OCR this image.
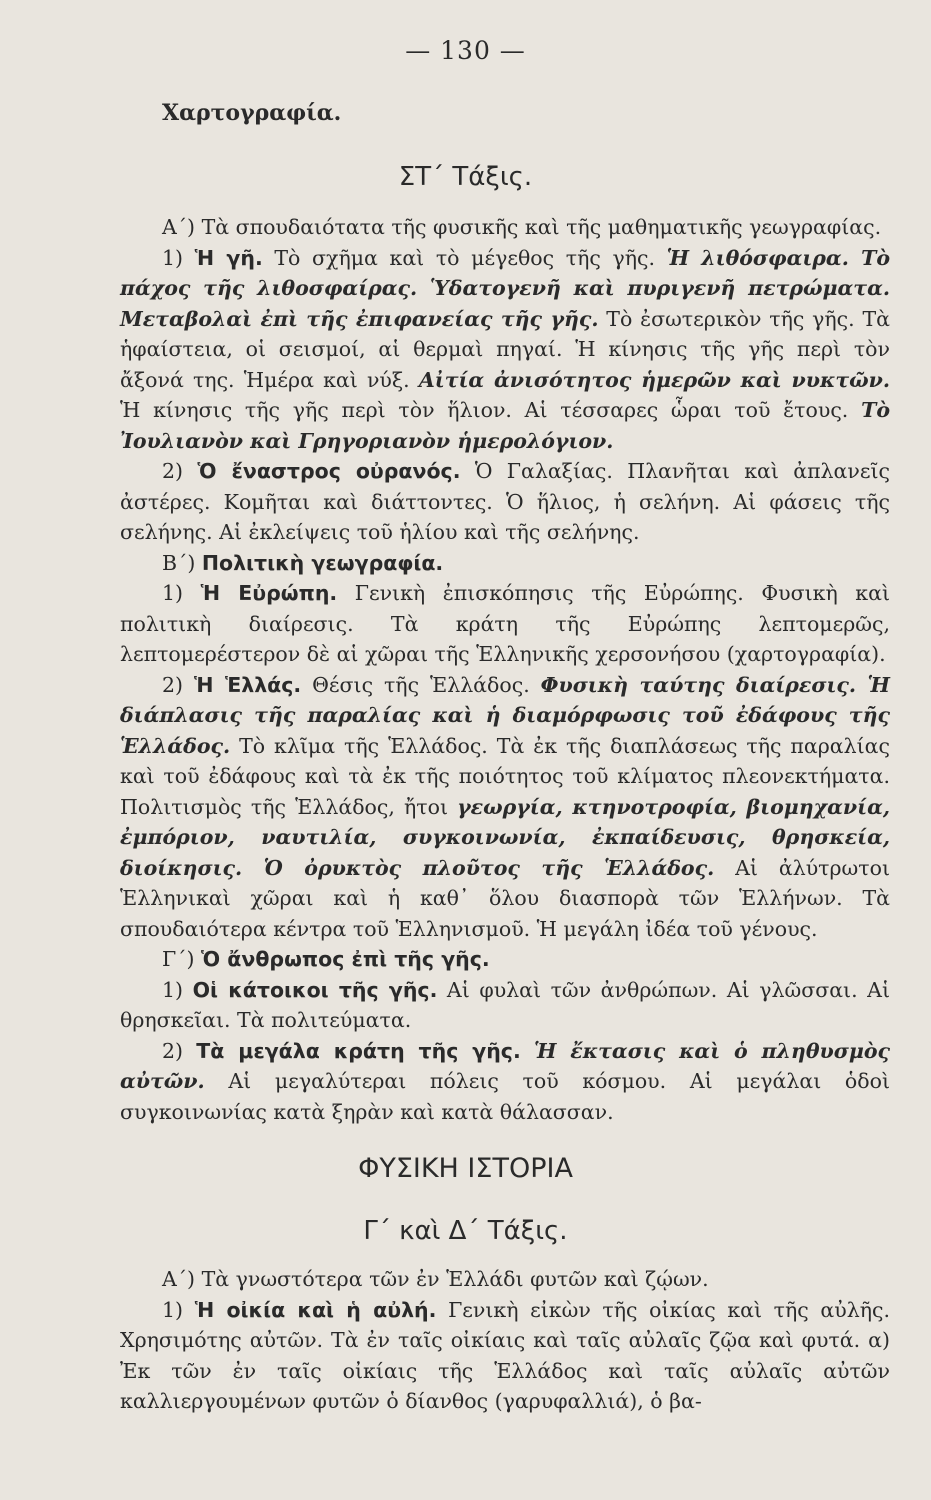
— 130 —
Χαρτογραφία.
ΣΤ΄ Τάξις.

Α΄) Τὰ σπουδαιότατα τῆς φυσικῆς καὶ τῆς μαθηματικῆς γεωγραφίας.

1) Ἡ γῆ. Τὸ σχῆμα καὶ τὸ μέγεθος τῆς γῆς. Ἡ λιθόσφαιρα. Τὸ πάχος τῆς λιθοσφαίρας. Ὑδατογενῆ καὶ πυριγενῆ πετρώματα. Μεταβολαὶ ἐπὶ τῆς ἐπιφανείας τῆς γῆς. Τὸ ἐσωτερικὸν τῆς γῆς. Τὰ ἡφαίστεια, οἱ σεισμοί, αἱ θερμαὶ πηγαί. Ἡ κίνησις τῆς γῆς περὶ τὸν ἄξονά της. Ἡμέρα καὶ νύξ. Αἰτία ἀνισότητος ἡμερῶν καὶ νυκτῶν. Ἡ κίνησις τῆς γῆς περὶ τὸν ἥλιον. Αἱ τέσσαρες ὧραι τοῦ ἔτους. Τὸ Ἰουλιανὸν καὶ Γρηγοριανὸν ἡμερολόγιον.

2) Ὁ ἔναστρος οὐρανός. Ὁ Γαλαξίας. Πλανῆται καὶ ἀπλανεῖς ἀστέρες. Κομῆται καὶ διάττοντες. Ὁ ἥλιος, ἡ σελήνη. Αἱ φάσεις τῆς σελήνης. Αἱ ἐκλείψεις τοῦ ἡλίου καὶ τῆς σελήνης.

Β΄) Πολιτικὴ γεωγραφία.

1) Ἡ Εὐρώπη. Γενικὴ ἐπισκόπησις τῆς Εὐρώπης. Φυσικὴ καὶ πολιτικὴ διαίρεσις. Τὰ κράτη τῆς Εὐρώπης λεπτομερῶς, λεπτομερέστερον δὲ αἱ χῶραι τῆς Ἑλληνικῆς χερσονήσου (χαρτογραφία).

2) Ἡ Ἑλλάς. Θέσις τῆς Ἑλλάδος. Φυσικὴ ταύτης διαίρεσις. Ἡ διάπλασις τῆς παραλίας καὶ ἡ διαμόρφωσις τοῦ ἐδάφους τῆς Ἑλλάδος. Τὸ κλῖμα τῆς Ἑλλάδος. Τὰ ἐκ τῆς διαπλάσεως τῆς παραλίας καὶ τοῦ ἐδάφους καὶ τὰ ἐκ τῆς ποιότητος τοῦ κλίματος πλεονεκτήματα. Πολιτισμὸς τῆς Ἑλλάδος, ἤτοι γεωργία, κτηνοτροφία, βιομηχανία, ἐμπόριον, ναυτιλία, συγκοινωνία, ἐκπαίδευσις, θρησκεία, διοίκησις. Ὁ ὀρυκτὸς πλοῦτος τῆς Ἑλλάδος. Αἱ ἀλύτρωτοι Ἑλληνικαὶ χῶραι καὶ ἡ καθ᾿ ὅλου διασπορὰ τῶν Ἑλλήνων. Τὰ σπουδαιότερα κέντρα τοῦ Ἑλληνισμοῦ. Ἡ μεγάλη ἰδέα τοῦ γένους.

Γ΄) Ὁ ἄνθρωπος ἐπὶ τῆς γῆς.

1) Οἱ κάτοικοι τῆς γῆς. Αἱ φυλαὶ τῶν ἀνθρώπων. Αἱ γλῶσσαι. Αἱ θρησκεῖαι. Τὰ πολιτεύματα.

2) Τὰ μεγάλα κράτη τῆς γῆς. Ἡ ἔκτασις καὶ ὁ πληθυσμὸς αὐτῶν. Αἱ μεγαλύτεραι πόλεις τοῦ κόσμου. Αἱ μεγάλαι ὁδοὶ συγκοινωνίας κατὰ ξηρὰν καὶ κατὰ θάλασσαν.

ΦΥΣΙΚΗ ΙΣΤΟΡΙΑ
Γ΄ καὶ Δ΄ Τάξις.

Α΄) Τὰ γνωστότερα τῶν ἐν Ἑλλάδι φυτῶν καὶ ζῴων.

1) Ἡ οἰκία καὶ ἡ αὐλή. Γενικὴ εἰκὼν τῆς οἰκίας καὶ τῆς αὐλῆς. Χρησιμότης αὐτῶν. Τὰ ἐν ταῖς οἰκίαις καὶ ταῖς αὐλαῖς ζῷα καὶ φυτά. α) Ἐκ τῶν ἐν ταῖς οἰκίαις τῆς Ἑλλάδος καὶ ταῖς αὐλαῖς αὐτῶν καλλιεργουμένων φυτῶν ὁ δίανθος (γαρυφαλλιά), ὁ βα-
